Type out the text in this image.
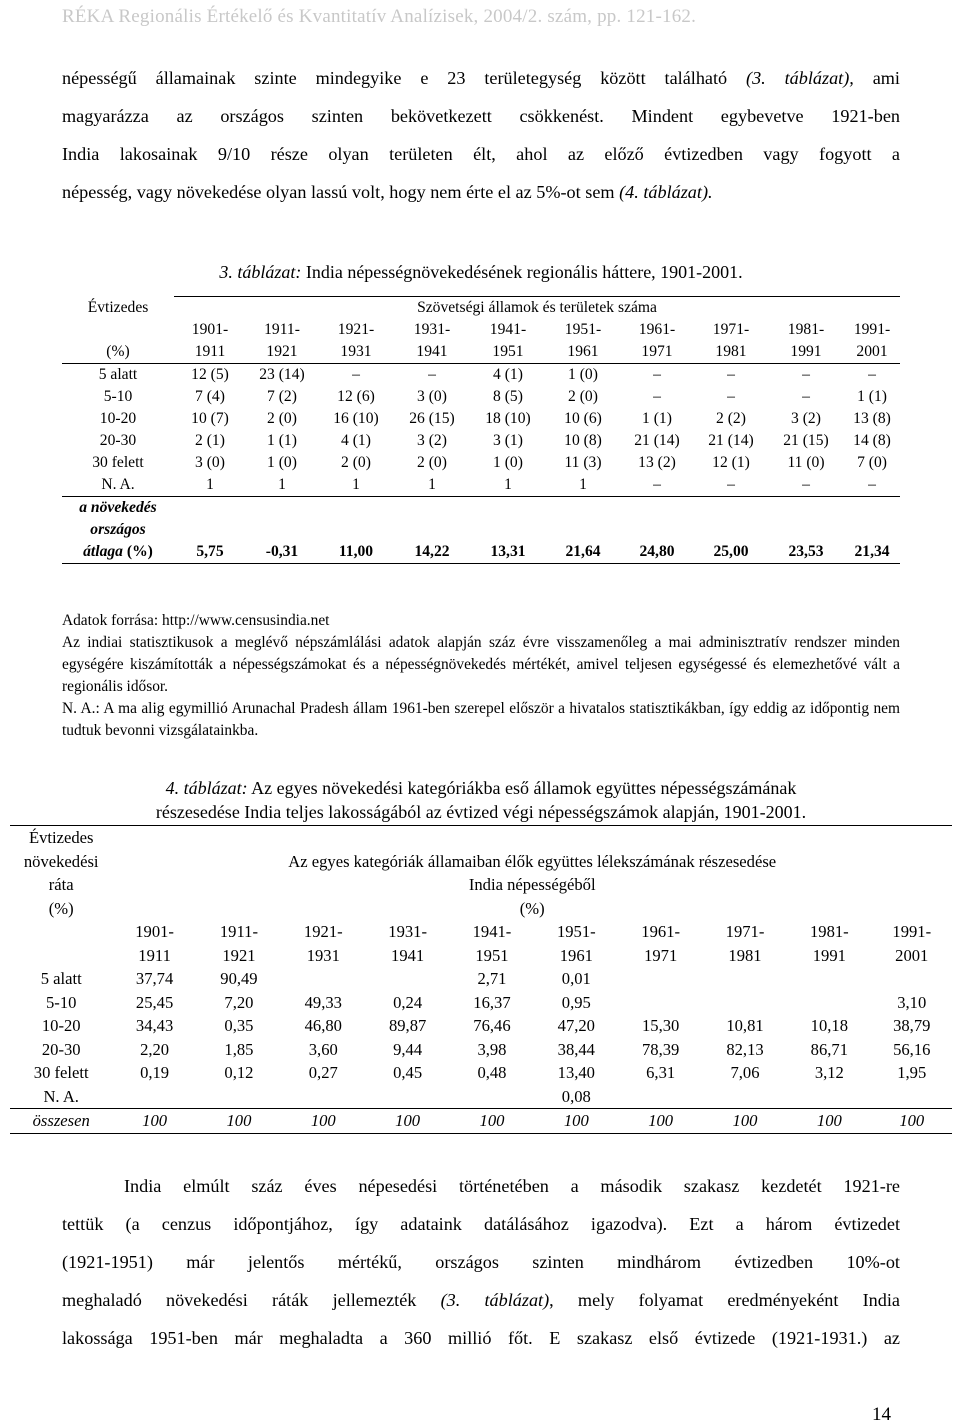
RÉKA Regionális Értékelő és Kvantitatív Analízisek, 2004/2. szám, pp. 121-162.

népességű államainak szinte mindegyike e 23 területegység között található (3. táblázat), ami

magyarázza az országos szinten bekövetkezett csökkenést. Mindent egybevetve 1921-ben

India lakosainak 9/10 része olyan területen élt, ahol az előző évtizedben vagy fogyott a

népesség, vagy növekedése olyan lassú volt, hogy nem érte el az 5%-ot sem (4. táblázat).

3. táblázat: India népességnövekedésének regionális háttere, 1901-2001.

Évtizedes	Szövetségi államok és területek száma									
	1901-	1911-	1921-	1931-	1941-	1951-	1961-	1971-	1981-	1991-
(%)	1911	1921	1931	1941	1951	1961	1971	1981	1991	2001
5 alatt	12 (5)	23 (14)	–	–	4 (1)	1 (0)	–	–	–	–
5-10	7 (4)	7 (2)	12 (6)	3 (0)	8 (5)	2 (0)	–	–	–	1 (1)
10-20	10 (7)	2 (0)	16 (10)	26 (15)	18 (10)	10 (6)	1 (1)	2 (2)	3 (2)	13 (8)
20-30	2 (1)	1 (1)	4 (1)	3 (2)	3 (1)	10 (8)	21 (14)	21 (14)	21 (15)	14 (8)
30 felett	3 (0)	1 (0)	2 (0)	2 (0)	1 (0)	11 (3)	13 (2)	12 (1)	11 (0)	7 (0)
N. A.	1	1	1	1	1	1	–	–	–	–
a növekedés										
országos										
átlaga (%)	5,75	-0,31	11,00	14,22	13,31	21,64	24,80	25,00	23,53	21,34

Adatok forrása: http://www.censusindia.net

Az indiai statisztikusok a meglévő népszámlálási adatok alapján száz évre visszamenőleg a mai adminisztratív rendszer minden egységére kiszámították a népességszámokat és a népességnövekedés mértékét, amivel teljesen egységessé és elemezhetővé vált a regionális idősor.

N. A.: A ma alig egymillió Arunachal Pradesh állam 1961-ben szerepel először a hivatalos statisztikákban, így eddig az időpontig nem tudtuk bevonni vizsgálatainkba.

4. táblázat: Az egyes növekedési kategóriákba eső államok együttes népességszámának
részesedése India teljes lakosságából az évtized végi népességszámok alapján, 1901-2001.

Évtizedes										
növekedési	Az egyes kategóriák államaiban élők együttes lélekszámának részesedése									
ráta	India népességéből									
(%)	(%)									
	1901-	1911-	1921-	1931-	1941-	1951-	1961-	1971-	1981-	1991-
	1911	1921	1931	1941	1951	1961	1971	1981	1991	2001
5 alatt	37,74	90,49			2,71	0,01				
5-10	25,45	7,20	49,33	0,24	16,37	0,95				3,10
10-20	34,43	0,35	46,80	89,87	76,46	47,20	15,30	10,81	10,18	38,79
20-30	2,20	1,85	3,60	9,44	3,98	38,44	78,39	82,13	86,71	56,16
30 felett	0,19	0,12	0,27	0,45	0,48	13,40	6,31	7,06	3,12	1,95
N. A.						0,08				
összesen	100	100	100	100	100	100	100	100	100	100

India elmúlt száz éves népesedési történetében a második szakasz kezdetét 1921-re

tettük (a cenzus időpontjához, így adataink datálásához igazodva). Ezt a három évtizedet

(1921-1951) már jelentős mértékű, országos szinten mindhárom évtizedben 10%-ot

meghaladó növekedési ráták jellemezték (3. táblázat), mely folyamat eredményeként India

lakossága 1951-ben már meghaladta a 360 millió főt. E szakasz első évtizede (1921-1931.) az

14
